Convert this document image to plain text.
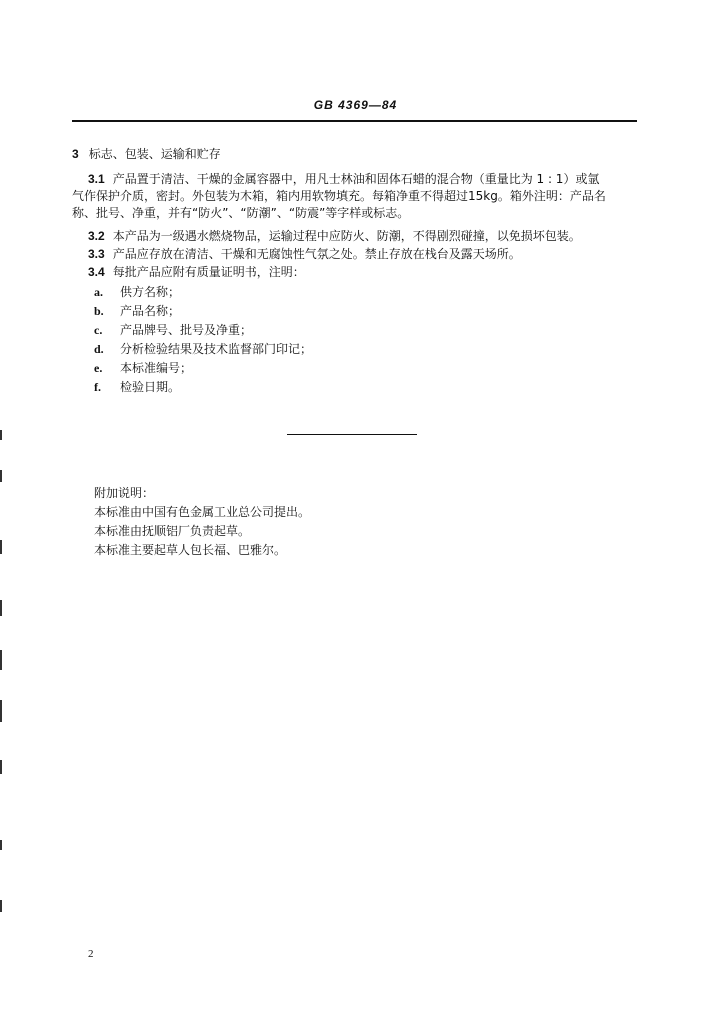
GB 4369—84
3 标志、包装、运输和贮存
3.1 产品置于清洁、干燥的金属容器中，用凡士林油和固体石蜡的混合物（重量比为 1 : 1）或氩
气作保护介质，密封。外包装为木箱，箱内用软物填充。每箱净重不得超过15kg。箱外注明：产品名
称、批号、净重，并有“防火”、“防潮”、“防震”等字样或标志。
3.2 本产品为一级遇水燃烧物品，运输过程中应防火、防潮，不得剧烈碰撞，以免损坏包装。
3.3 产品应存放在清洁、干燥和无腐蚀性气氛之处。禁止存放在栈台及露天场所。
3.4 每批产品应附有质量证明书，注明：
a. 供方名称；
b. 产品名称；
c. 产品牌号、批号及净重；
d. 分析检验结果及技术监督部门印记；
e. 本标准编号；
f. 检验日期。
附加说明：
本标准由中国有色金属工业总公司提出。
本标准由抚顺铝厂负责起草。
本标准主要起草人包长福、巴雅尔。
2
